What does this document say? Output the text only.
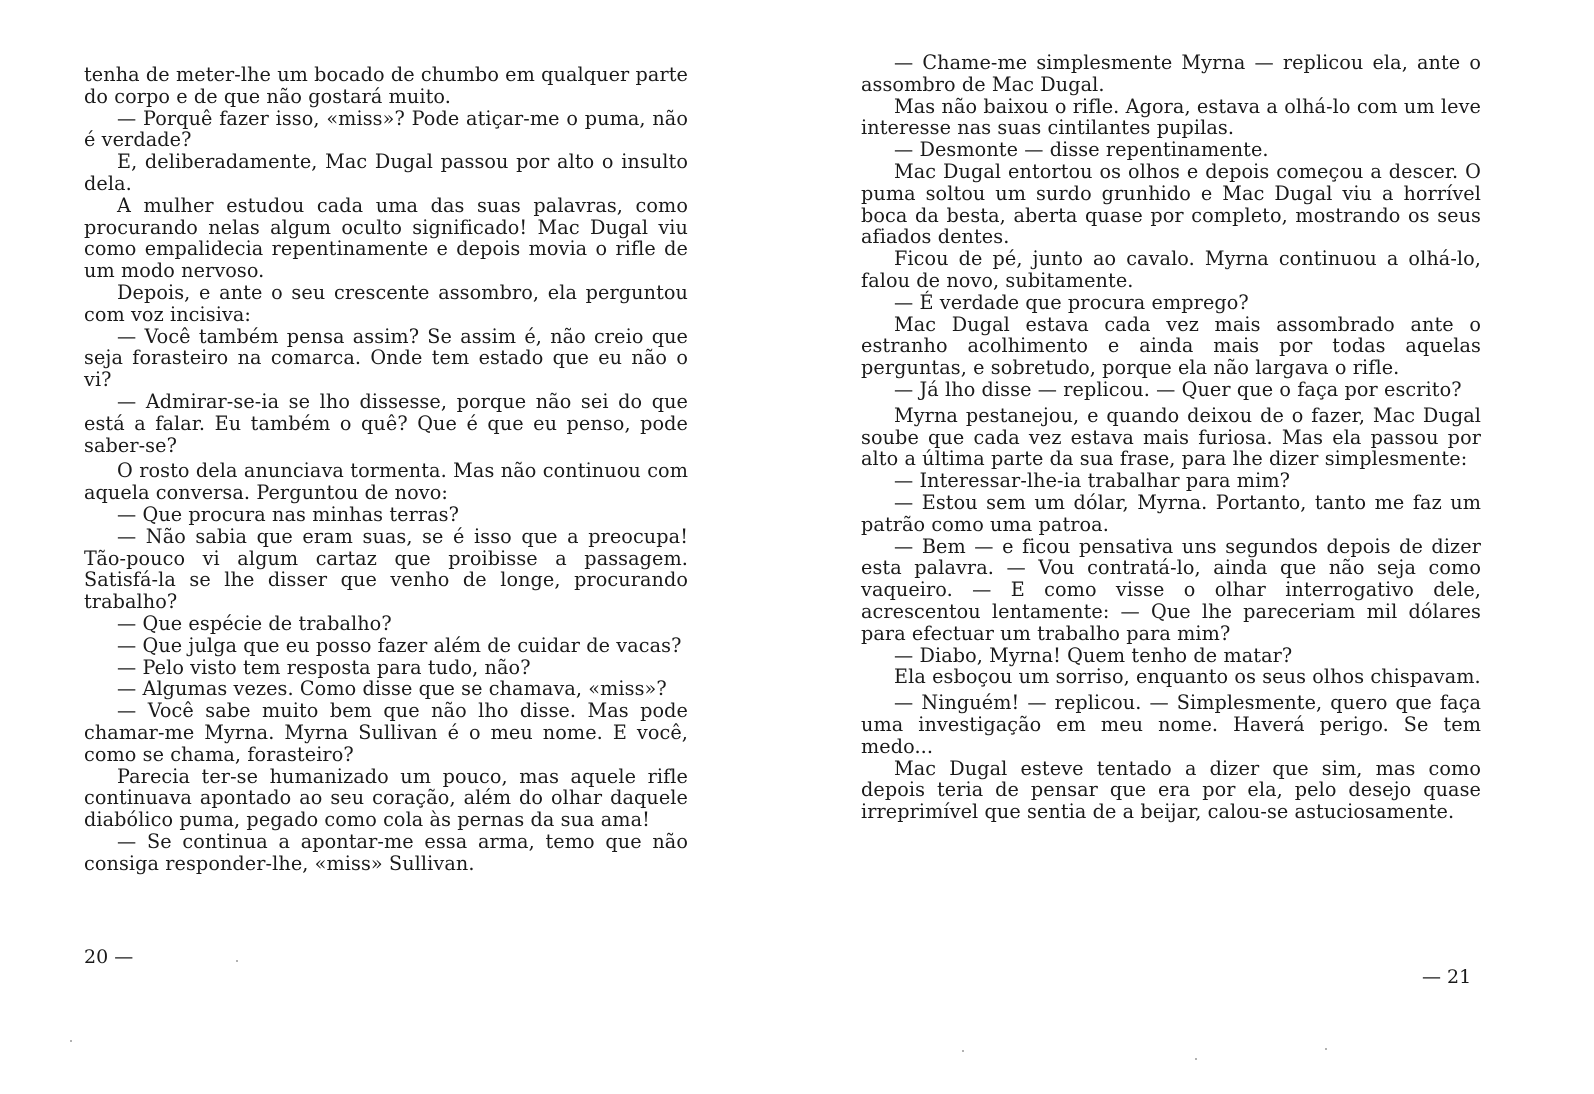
tenha de meter-lhe um bocado de chumbo em qualquer parte do corpo e de que não gostará muito.

— Porquê fazer isso, «miss»? Pode atiçar-me o puma, não é verdade?

E, deliberadamente, Mac Dugal passou por alto o insulto dela.

A mulher estudou cada uma das suas palavras, como procurando nelas algum oculto significado! Mac Dugal viu como empalidecia repentinamente e depois movia o rifle de um modo nervoso.

Depois, e ante o seu crescente assombro, ela perguntou com voz incisiva:

— Você também pensa assim? Se assim é, não creio que seja forasteiro na comarca. Onde tem estado que eu não o vi?

— Admirar-se-ia se lho dissesse, porque não sei do que está a falar. Eu também o quê? Que é que eu penso, pode saber-se?

O rosto dela anunciava tormenta. Mas não continuou com aquela conversa. Perguntou de novo:

— Que procura nas minhas terras?

— Não sabia que eram suas, se é isso que a preocupa! Tão-pouco vi algum cartaz que proibisse a passagem. Satisfá-la se lhe disser que venho de longe, procurando trabalho?

— Que espécie de trabalho?

— Que julga que eu posso fazer além de cuidar de vacas?

— Pelo visto tem resposta para tudo, não?

— Algumas vezes. Como disse que se chamava, «miss»?

— Você sabe muito bem que não lho disse. Mas pode chamar-me Myrna. Myrna Sullivan é o meu nome. E você, como se chama, forasteiro?

Parecia ter-se humanizado um pouco, mas aquele rifle continuava apontado ao seu coração, além do olhar daquele diabólico puma, pegado como cola às pernas da sua ama!

— Se continua a apontar-me essa arma, temo que não consiga responder-lhe, «miss» Sullivan.

20 —

— Chame-me simplesmente Myrna — replicou ela, ante o assombro de Mac Dugal.

Mas não baixou o rifle. Agora, estava a olhá-lo com um leve interesse nas suas cintilantes pupilas.

— Desmonte — disse repentinamente.

Mac Dugal entortou os olhos e depois começou a descer. O puma soltou um surdo grunhido e Mac Dugal viu a horrível boca da besta, aberta quase por completo, mostrando os seus afiados dentes.

Ficou de pé, junto ao cavalo. Myrna continuou a olhá-lo, falou de novo, subitamente.

— É verdade que procura emprego?

Mac Dugal estava cada vez mais assombrado ante o estranho acolhimento e ainda mais por todas aquelas perguntas, e sobretudo, porque ela não largava o rifle.

— Já lho disse — replicou. — Quer que o faça por escrito?

Myrna pestanejou, e quando deixou de o fazer, Mac Dugal soube que cada vez estava mais furiosa. Mas ela passou por alto a última parte da sua frase, para lhe dizer simplesmente:

— Interessar-lhe-ia trabalhar para mim?

— Estou sem um dólar, Myrna. Portanto, tanto me faz um patrão como uma patroa.

— Bem — e ficou pensativa uns segundos depois de dizer esta palavra. — Vou contratá-lo, ainda que não seja como vaqueiro. — E como visse o olhar interrogativo dele, acrescentou lentamente: — Que lhe pareceriam mil dólares para efectuar um trabalho para mim?

— Diabo, Myrna! Quem tenho de matar?

Ela esboçou um sorriso, enquanto os seus olhos chispavam.

— Ninguém! — replicou. — Simplesmente, quero que faça uma investigação em meu nome. Haverá perigo. Se tem medo...

Mac Dugal esteve tentado a dizer que sim, mas como depois teria de pensar que era por ela, pelo desejo quase irreprimível que sentia de a beijar, calou-se astuciosamente.

— 21
